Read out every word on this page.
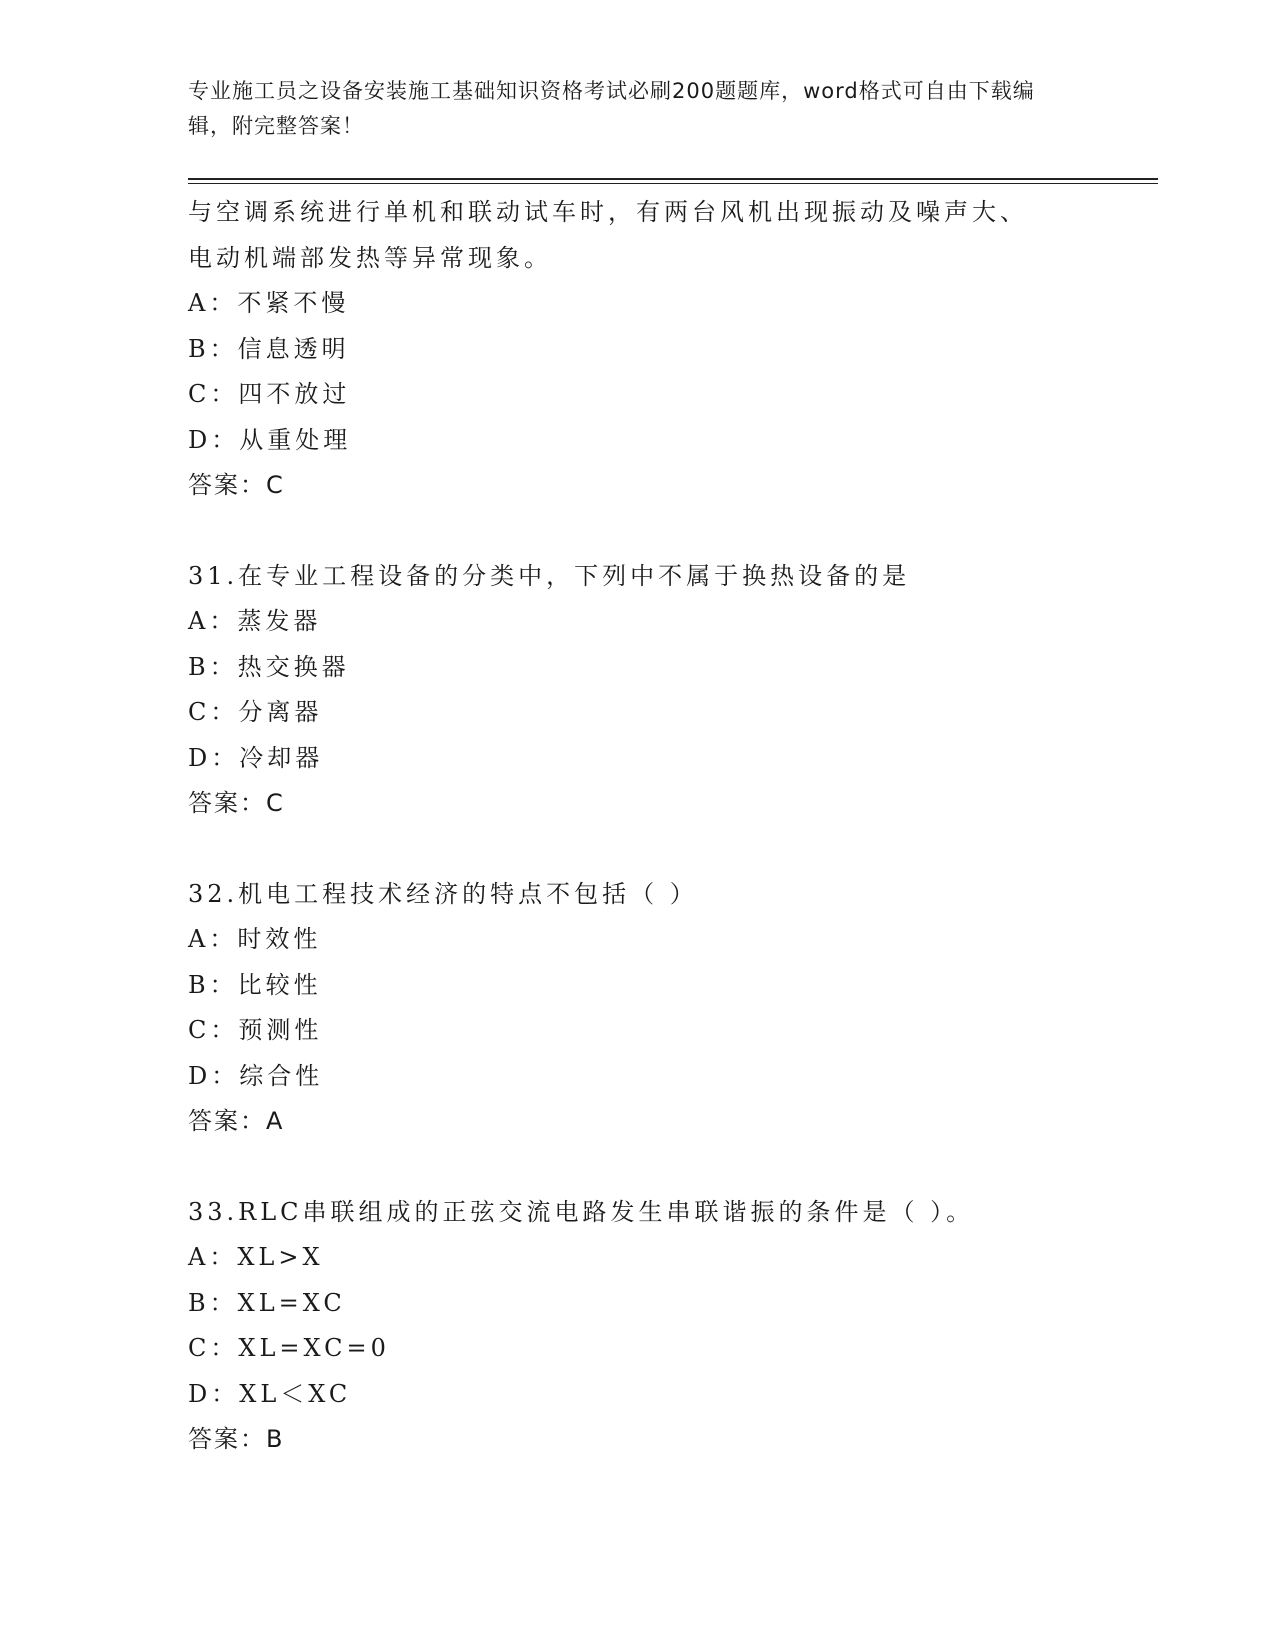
专业施工员之设备安装施工基础知识资格考试必刷200题题库，word格式可自由下载编辑，附完整答案！
与空调系统进行单机和联动试车时，有两台风机出现振动及噪声大、
电动机端部发热等异常现象。
A：不紧不慢
B：信息透明
C：四不放过
D：从重处理
答案：C
31.在专业工程设备的分类中，下列中不属于换热设备的是
A：蒸发器
B：热交换器
C：分离器
D：冷却器
答案：C
32.机电工程技术经济的特点不包括（ ）
A：时效性
B：比较性
C：预测性
D：综合性
答案：A
33.RLC串联组成的正弦交流电路发生串联谐振的条件是（ ）。
A：XL>X
B：XL=XC
C：XL=XC=0
D：XL＜XC
答案：B
